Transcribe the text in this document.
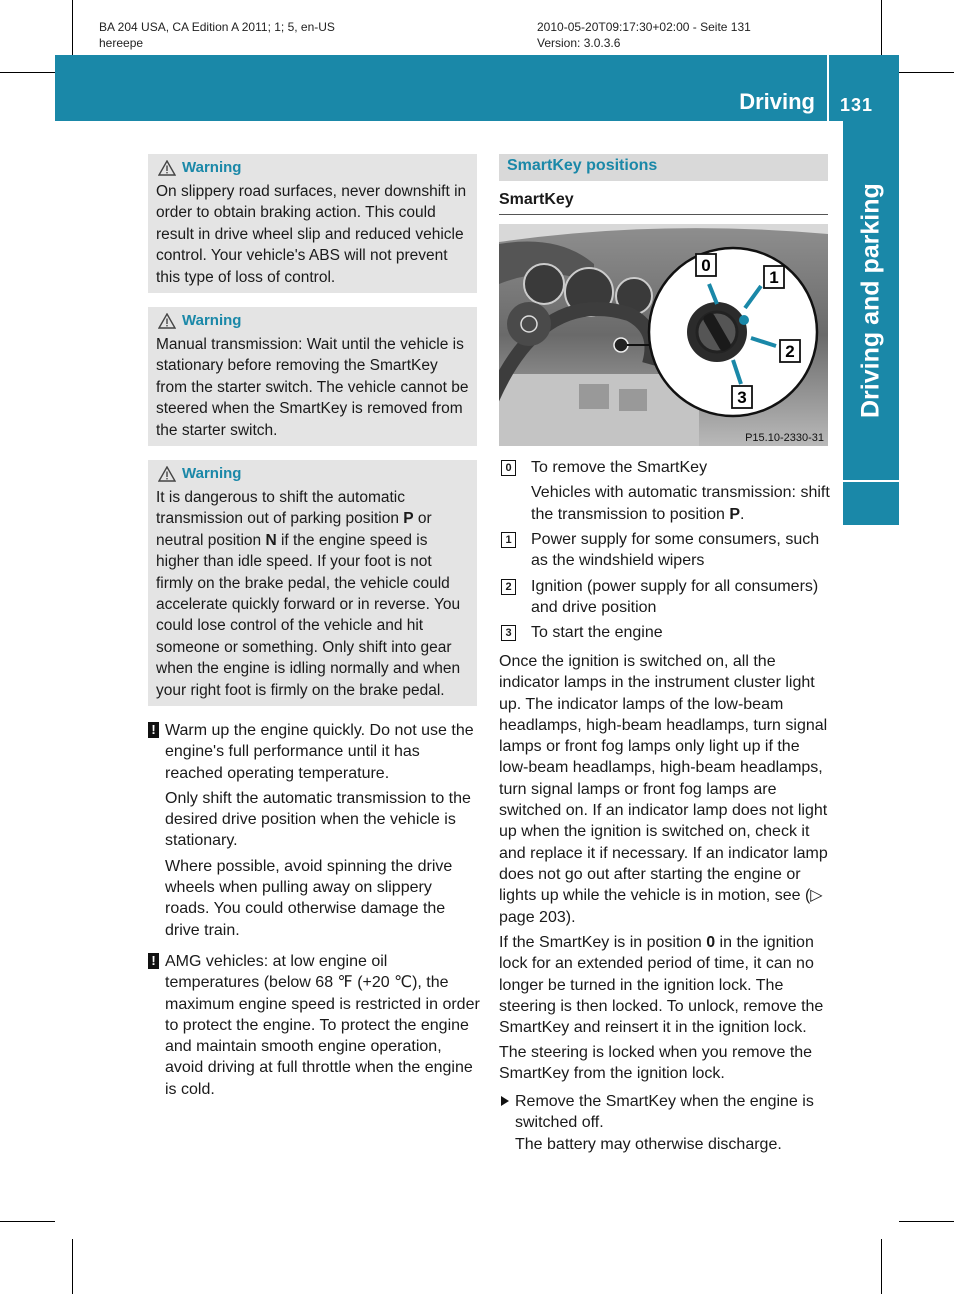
BA 204 USA, CA Edition A 2011; 1; 5, en-US
hereepe
2010-05-20T09:17:30+02:00 - Seite 131
Version: 3.0.3.6
Driving 131
Driving and parking
Warning
On slippery road surfaces, never downshift in order to obtain braking action. This could result in drive wheel slip and reduced vehicle control. Your vehicle's ABS will not prevent this type of loss of control.
Warning
Manual transmission: Wait until the vehicle is stationary before removing the SmartKey from the starter switch. The vehicle cannot be steered when the SmartKey is removed from the starter switch.
Warning
It is dangerous to shift the automatic transmission out of parking position P or neutral position N if the engine speed is higher than idle speed. If your foot is not firmly on the brake pedal, the vehicle could accelerate quickly forward or in reverse. You could lose control of the vehicle and hit someone or something. Only shift into gear when the engine is idling normally and when your right foot is firmly on the brake pedal.
! Warm up the engine quickly. Do not use the engine's full performance until it has reached operating temperature.
Only shift the automatic transmission to the desired drive position when the vehicle is stationary.
Where possible, avoid spinning the drive wheels when pulling away on slippery roads. You could otherwise damage the drive train.
! AMG vehicles: at low engine oil temperatures (below 68 ℉ (+20 ℃), the maximum engine speed is restricted in order to protect the engine. To protect the engine and maintain smooth engine operation, avoid driving at full throttle when the engine is cold.
SmartKey positions
SmartKey
0
1
2
3
P15.10-2330-31
0 To remove the SmartKey
Vehicles with automatic transmission: shift the transmission to position P.
1 Power supply for some consumers, such as the windshield wipers
2 Ignition (power supply for all consumers) and drive position
3 To start the engine
Once the ignition is switched on, all the indicator lamps in the instrument cluster light up. The indicator lamps of the low-beam headlamps, high-beam headlamps, turn signal lamps or front fog lamps only light up if the low-beam headlamps, high-beam headlamps, turn signal lamps or front fog lamps are switched on. If an indicator lamp does not light up when the ignition is switched on, check it and replace it if necessary. If an indicator lamp does not go out after starting the engine or lights up while the vehicle is in motion, see (▷ page 203).
If the SmartKey is in position 0 in the ignition lock for an extended period of time, it can no longer be turned in the ignition lock. The steering is then locked. To unlock, remove the SmartKey and reinsert it in the ignition lock.
The steering is locked when you remove the SmartKey from the ignition lock.
Remove the SmartKey when the engine is switched off.
The battery may otherwise discharge.
